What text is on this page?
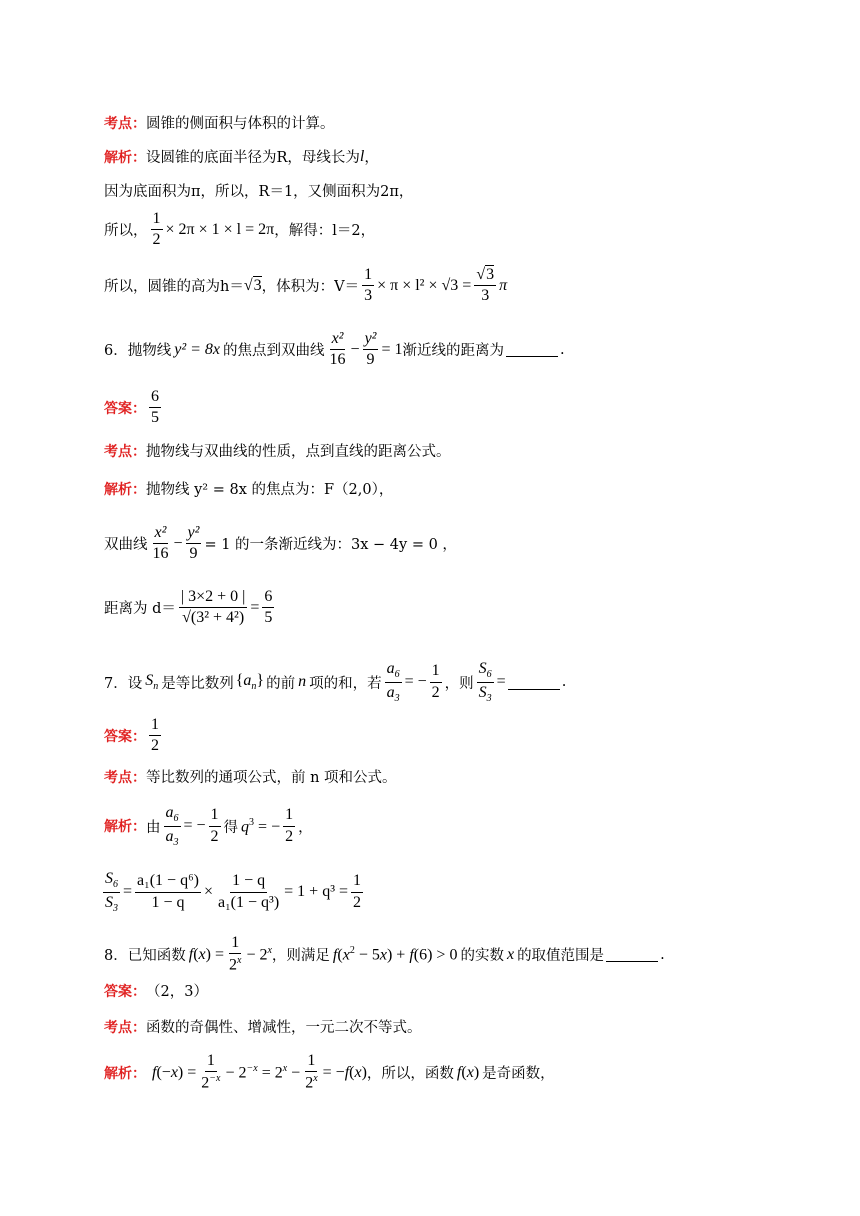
考点： 圆锥的侧面积与体积的计算。
解析： 设圆锥的底面半径为R，母线长为 l ，
因为底面积为π，所以，R＝1，又侧面积为2π，
所以， $\frac{1}{2} \times 2\pi \times 1 \times l = 2\pi$ ，解得： l＝2，
所以，圆锥的高为h＝ √3 ，体积为：$V= \frac{1}{3} \times \pi \times l^2 \times √3 = \frac{√3}{3}$ π
6． 抛物线 y² = 8x 的焦点到双曲线 $\frac{\text{x²}}{16} - \frac{\text{y²}}{9} = 1$ 渐近线的距离为	.
答案： $\frac{6}{5}$
考点： 抛物线与双曲线的性质，点到直线的距离公式。
解析： 抛物线 y² = 8x 的焦点为：F（2,0），
双曲线 $\frac{\text{x²}}{16} - \frac{\text{y²}}{9} = 1$ 的一条渐近线为：3x − 4y = 0 ，
距离为 $d= \frac{| 3\times 2 + 0 |}{\text{√(3² + 4²)}} = \frac{6}{5}$
7． 设 $S_n$ 是等比数列 $\{a_n\}$ 的前 n 项的和，若 $\frac{a_6}{a_3}$ = − $\frac{1}{2}$ ，则 $\frac{S_6}{S_3}$ =	.
答案： $\frac{1}{2}$
考点： 等比数列的通项公式，前 n 项和公式。
解析： 由 $\frac{a_6}{a_3}$ = − $\frac{1}{2}$ 得 $q^3$ = − $\frac{1}{2}$ ，
$\frac{S_6}{S_3} = \frac{\text{a₁(1 − q⁶)}}{1 - q} \times \frac{1 - q}{\text{a₁(1 − q³)}} = 1 + q^3 = \frac{1}{2}$
8． 已知函数 $f(x) = \frac{1}{2^x} - 2^x$ ，则满足 $f(x^2 - 5x) + f(6) > 0$ 的实数 x 的取值范围是	.
答案： （2，3）
考点： 函数的奇偶性、增减性，一元二次不等式。
解析： $f(-x) = \frac{1}{2^{-x}} - 2^{-x} = 2^x - \frac{1}{2^x} = -f(x)$ ，所以，函数 f(x) 是奇函数，
